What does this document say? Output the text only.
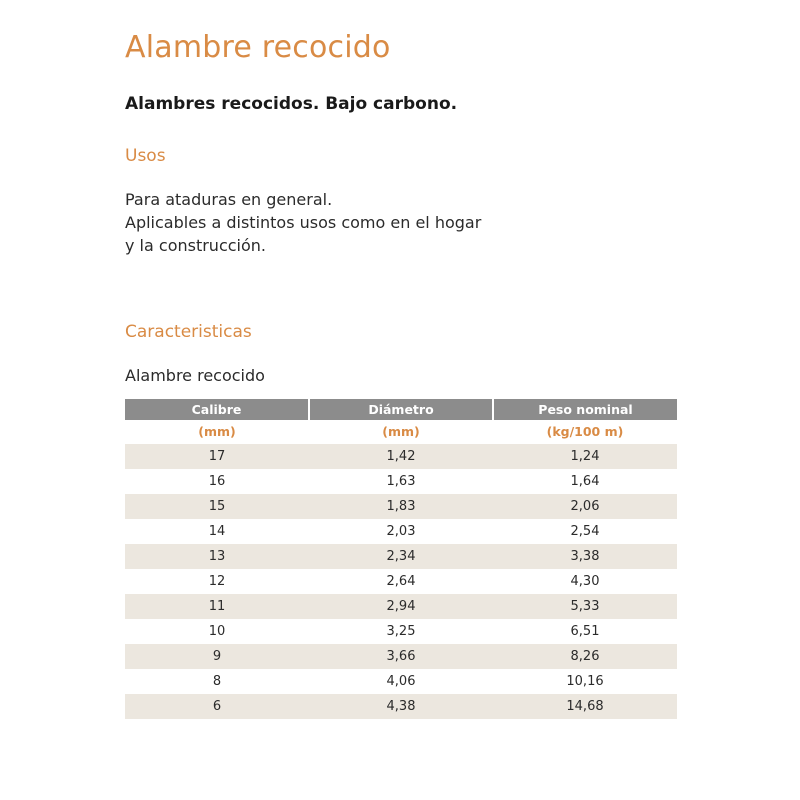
Alambre recocido
Alambres recocidos. Bajo carbono.
Usos
Para ataduras en general.
Aplicables a distintos usos como en el hogar
y la construcción.
Caracteristicas
Alambre recocido
Calibre	Diámetro	Peso nominal
(mm)	(mm)	(kg/100 m)
17	1,42	1,24
16	1,63	1,64
15	1,83	2,06
14	2,03	2,54
13	2,34	3,38
12	2,64	4,30
11	2,94	5,33
10	3,25	6,51
9	3,66	8,26
8	4,06	10,16
6	4,38	14,68
